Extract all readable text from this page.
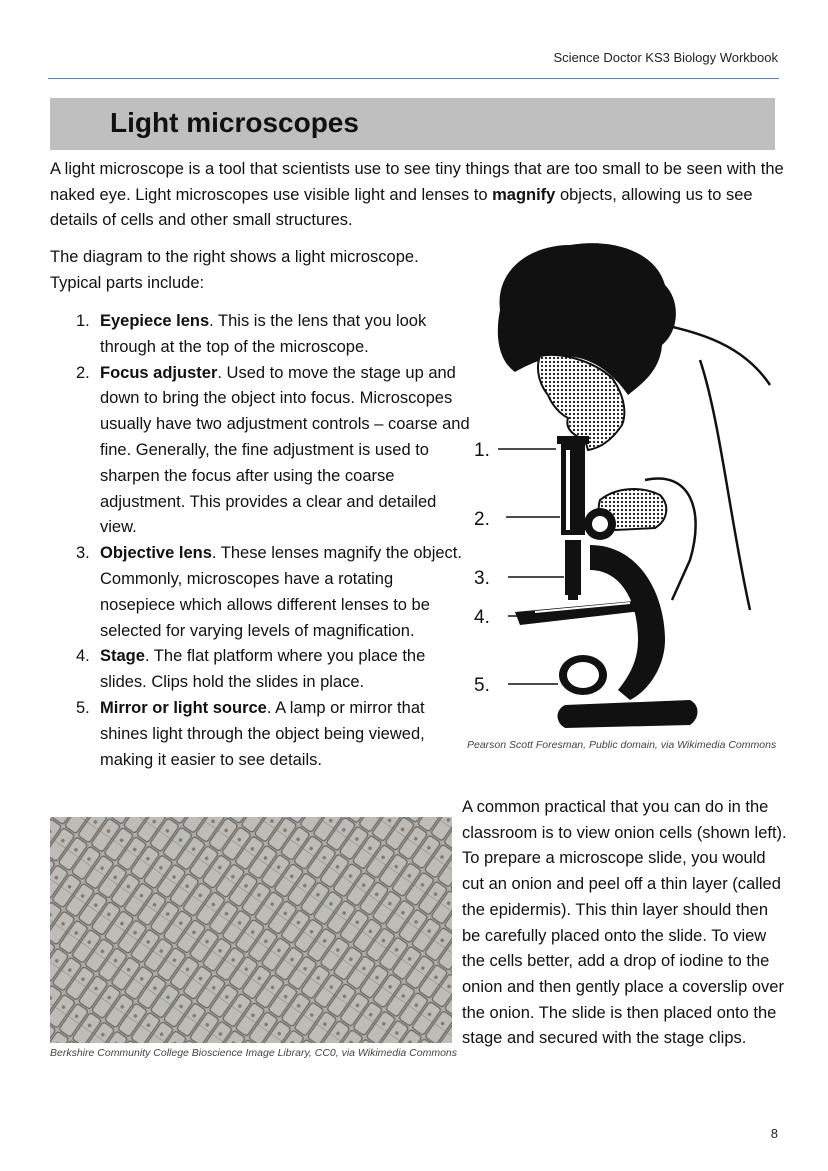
Science Doctor KS3 Biology Workbook
Light microscopes

A light microscope is a tool that scientists use to see tiny things that are too small to be seen with the naked eye. Light microscopes use visible light and lenses to magnify objects, allowing us to see details of cells and other small structures.

The diagram to the right shows a light microscope. Typical parts include:

1. Eyepiece lens. This is the lens that you look through at the top of the microscope.
2. Focus adjuster. Used to move the stage up and down to bring the object into focus. Microscopes usually have two adjustment controls – coarse and fine. Generally, the fine adjustment is used to sharpen the focus after using the coarse adjustment. This provides a clear and detailed view.
3. Objective lens. These lenses magnify the object. Commonly, microscopes have a rotating nosepiece which allows different lenses to be selected for varying levels of magnification.
4. Stage. The flat platform where you place the slides. Clips hold the slides in place.
5. Mirror or light source. A lamp or mirror that shines light through the object being viewed, making it easier to see details.
1.
2.
3.
4.
5.
Pearson Scott Foresman, Public domain, via Wikimedia Commons
Berkshire Community College Bioscience Image Library, CC0, via Wikimedia Commons

A common practical that you can do in the classroom is to view onion cells (shown left). To prepare a microscope slide, you would cut an onion and peel off a thin layer (called the epidermis). This thin layer should then be carefully placed onto the slide. To view the cells better, add a drop of iodine to the onion and then gently place a coverslip over the onion. The slide is then placed onto the stage and secured with the stage clips.

8
